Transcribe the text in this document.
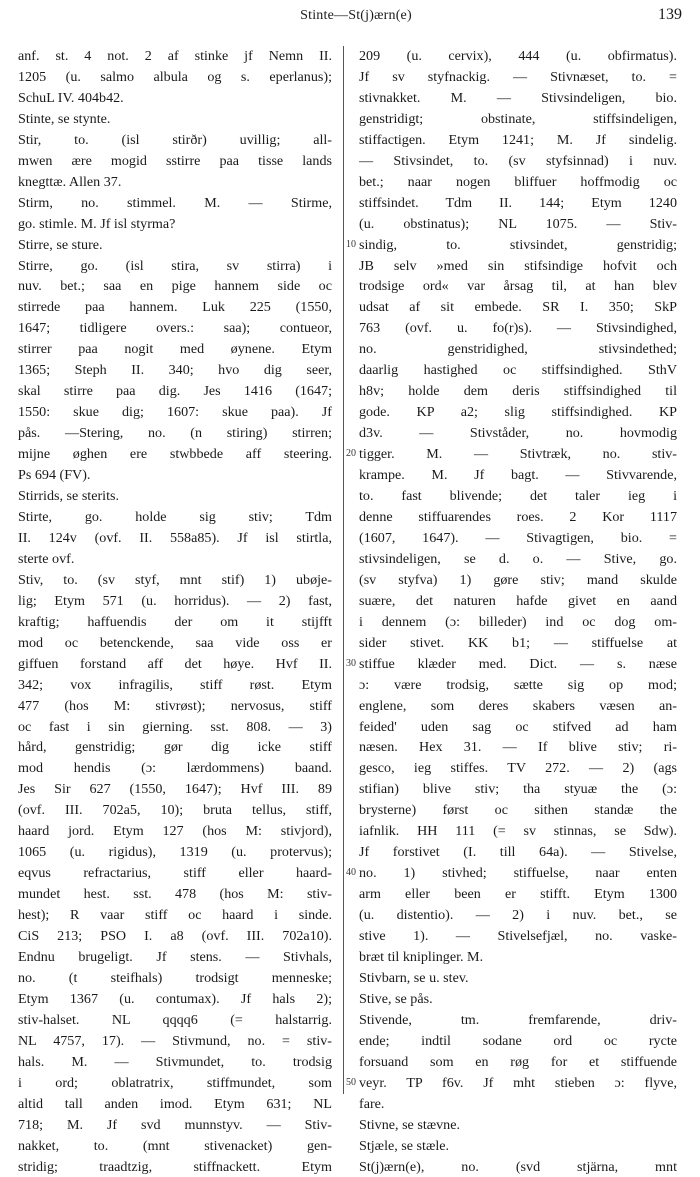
Stinte—St(j)ærn(e)	139
anf. st. 4 not. 2 af stinke jf Nemn II.
1205 (u. salmo albula og s. eperlanus);
SchuL IV. 404b42.
Stinte, se stynte.
Stir, to. (isl stirðr) uvillig; all-
mwen ære mogid sstirre paa tisse lands
knegttæ. Allen 37.
Stirm, no. stimmel. M. — Stirme,
go. stimle. M. Jf isl styrma?
Stirre, se sture.
Stirre, go. (isl stira, sv stirra) i
nuv. bet.; saa en pige hannem side oc
stirrede paa hannem. Luk 225 (1550,
1647; tidligere overs.: saa); contueor,
stirrer paa nogit med øynene. Etym
1365; Steph II. 340; hvo dig seer,
skal stirre paa dig. Jes 1416 (1647;
1550: skue dig; 1607: skue paa). Jf
pås. —Stering, no. (n stiring) stirren;
mijne øghen ere stwbbede aff steering.
Ps 694 (FV).
Stirrids, se sterits.
Stirte, go. holde sig stiv; Tdm
II. 124v (ovf. II. 558a85). Jf isl stirtla,
sterte ovf.
Stiv, to. (sv styf, mnt stif) 1) ubøje-
lig; Etym 571 (u. horridus). — 2) fast,
kraftig; haffuendis der om it stijfft
mod oc betenckende, saa vide oss er
giffuen forstand aff det høye. Hvf II.
342; vox infragilis, stiff røst. Etym
477 (hos M: stivrøst); nervosus, stiff
oc fast i sin gierning. sst. 808. — 3)
hård, genstridig; gør dig icke stiff
mod hendis (ɔ: lærdommens) baand.
Jes Sir 627 (1550, 1647); Hvf III. 89
(ovf. III. 702a5, 10); bruta tellus, stiff,
haard jord. Etym 127 (hos M: stivjord),
1065 (u. rigidus), 1319 (u. protervus);
eqvus refractarius, stiff eller haard-
mundet hest. sst. 478 (hos M: stiv-
hest); R vaar stiff oc haard i sinde.
CiS 213; PSO I. a8 (ovf. III. 702a10).
Endnu brugeligt. Jf stens. — Stivhals,
no. (t steifhals) trodsigt menneske;
Etym 1367 (u. contumax). Jf hals 2);
stiv-halset. NL qqqq6 (= halstarrig.
NL 4757, 17). — Stivmund, no. = stiv-
hals. M. — Stivmundet, to. trodsig
i ord; oblatratrix, stiffmundet, som
altid tall anden imod. Etym 631; NL
718; M. Jf svd munnstyv. — Stiv-
nakket, to. (mnt stivenacket) gen-
stridig; traadtzig, stiffnackett. Etym
209 (u. cervix), 444 (u. obfirmatus).
Jf sv styfnackig. — Stivnæset, to. =
stivnakket. M. — Stivsindeligen, bio.
genstridigt; obstinate, stiffsindeligen,
stiffactigen. Etym 1241; M. Jf sindelig.
— Stivsindet, to. (sv styfsinnad) i nuv.
bet.; naar nogen bliffuer hoffmodig oc
stiffsindet. Tdm II. 144; Etym 1240
(u. obstinatus); NL 1075. — Stiv-
sindig, to. stivsindet, genstridig;
JB selv »med sin stifsindige hofvit och
trodsige ord« var årsag til, at han blev
udsat af sit embede. SR I. 350; SkP
763 (ovf. u. fo(r)s). — Stivsindighed,
no. genstridighed, stivsindethed;
daarlig hastighed oc stiffsindighed. SthV
h8v; holde dem deris stiffsindighed til
gode. KP a2; slig stiffsindighed. KP
d3v. — Stivståder, no. hovmodig
tigger. M. — Stivtræk, no. stiv-
krampe. M. Jf bagt. — Stivvarende,
to. fast blivende; det taler ieg i
denne stiffuarendes roes. 2 Kor 1117
(1607, 1647). — Stivagtigen, bio. =
stivsindeligen, se d. o. — Stive, go.
(sv styfva) 1) gøre stiv; mand skulde
suære, det naturen hafde givet en aand
i dennem (ɔ: billeder) ind oc dog om-
sider stivet. KK b1; — stiffuelse at
stiffue klæder med. Dict. — s. næse
ɔ: være trodsig, sætte sig op mod;
englene, som deres skabers væsen an-
feided' uden sag oc stifved ad ham
næsen. Hex 31. — If blive stiv; ri-
gesco, ieg stiffes. TV 272. — 2) (ags
stifian) blive stiv; tha styuæ the (ɔ:
brysterne) først oc sithen standæ the
iafnlik. HH 111 (= sv stinnas, se Sdw).
Jf forstivet (I. till 64a). — Stivelse,
no. 1) stivhed; stiffuelse, naar enten
arm eller been er stifft. Etym 1300
(u. distentio). — 2) i nuv. bet., se
stive 1). — Stivelsefjæl, no. vaske-
bræt til kniplinger. M.
Stivbarn, se u. stev.
Stive, se pås.
Stivende, tm. fremfarende, driv-
ende; indtil sodane ord oc rycte
forsuand som en røg for et stiffuende
veyr. TP f6v. Jf mht stieben ɔ: flyve,
fare.
Stivne, se stævne.
Stjæle, se stæle.
St(j)ærn(e), no. (svd stjärna, mnt
10
20
30
40
50
